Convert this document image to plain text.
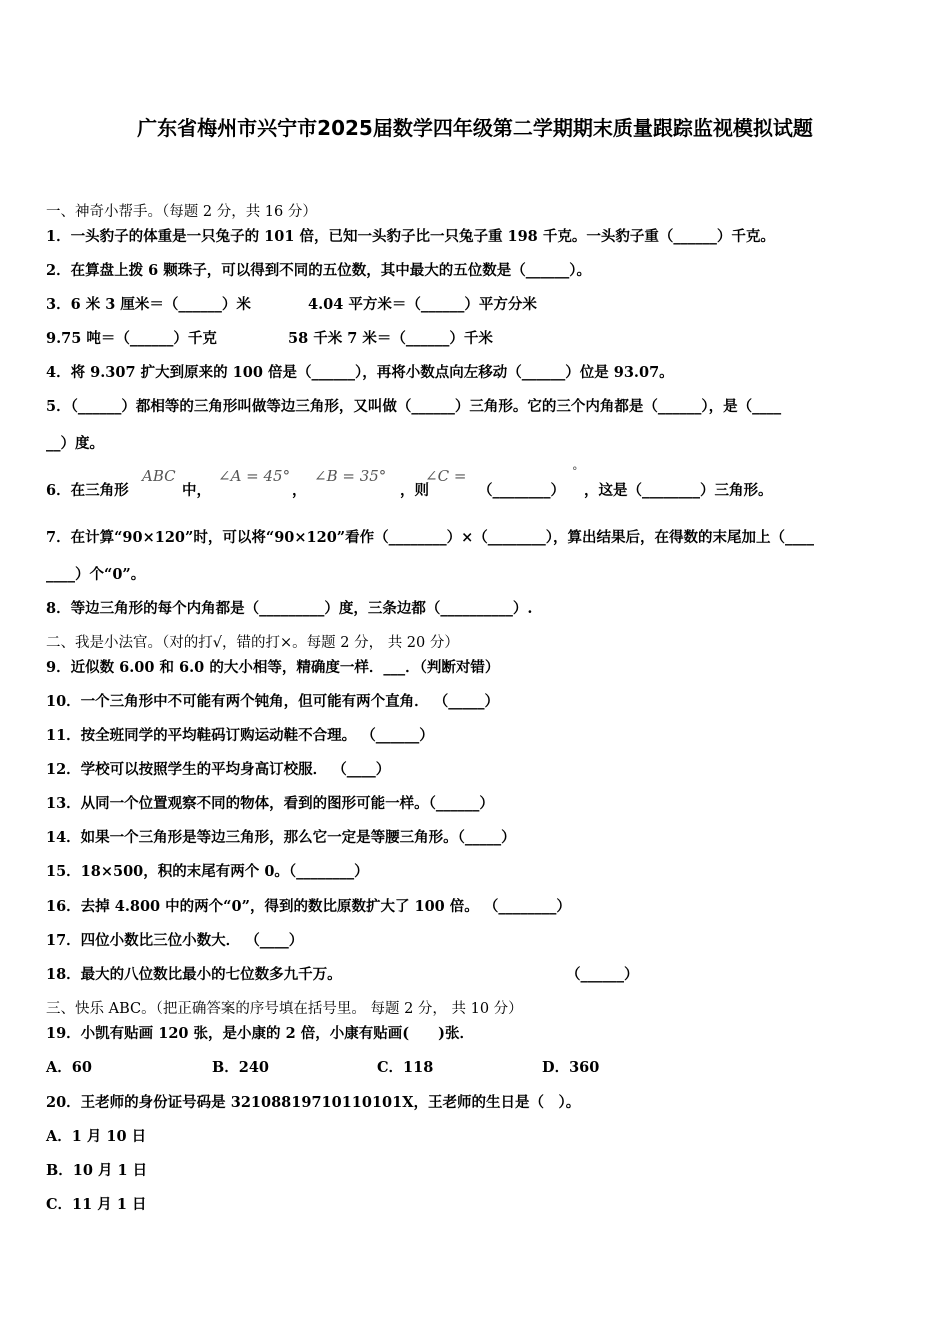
广东省梅州市兴宁市2025届数学四年级第二学期期末质量跟踪监视模拟试题
一、神奇小帮手。（每题 2 分，共 16 分）
1．一头豹子的体重是一只兔子的 101 倍，已知一头豹子比一只兔子重 198 千克。一头豹子重（______）千克。
2．在算盘上拨 6 颗珠子，可以得到不同的五位数，其中最大的五位数是（______）。
3．6 米 3 厘米＝（______）米	4.04 平方米＝（______）平方分米
9.75 吨＝（______）千克	58 千米 7 米＝（______）千米
4．将 9.307 扩大到原来的 100 倍是（______），再将小数点向左移动（______）位是 93.07。
5．（______）都相等的三角形叫做等边三角形，又叫做（______）三角形。它的三个内角都是（______），是（____
__）度。
6．在三角形
ABC
中，
∠A = 45°
，
∠B = 35°
，则
∠C =
（________）
°
，这是（________）三角形。
7．在计算“90×120”时，可以将“90×120”看作（________）×（________），算出结果后，在得数的末尾加上（____
____）个“0”。
8．等边三角形的每个内角都是（_________）度，三条边都（__________）.
二、我是小法官。（对的打√，错的打×。每题 2 分， 共 20 分）
9．近似数 6.00 和 6.0 的大小相等，精确度一样．___．（判断对错）
10．一个三角形中不可能有两个钝角，但可能有两个直角． （_____）
11．按全班同学的平均鞋码订购运动鞋不合理。 （______）
12．学校可以按照学生的平均身高订校服． （____）
13．从同一个位置观察不同的物体，看到的图形可能一样。（______）
14．如果一个三角形是等边三角形，那么它一定是等腰三角形。（_____）
15．18×500，积的末尾有两个 0。（________）
16．去掉 4.800 中的两个“0”，得到的数比原数扩大了 100 倍。 （________）
17．四位小数比三位小数大． （____）
18．最大的八位数比最小的七位数多九千万。	（______）
三、快乐 ABC。（把正确答案的序号填在括号里。 每题 2 分， 共 10 分）
19．小凯有贴画 120 张，是小康的 2 倍，小康有贴画(　　)张．
A．60	B．240	C．118	D．360
20．王老师的身份证号码是 32108819710110101X，王老师的生日是（　）。
A．1 月 10 日
B．10 月 1 日
C．11 月 1 日
